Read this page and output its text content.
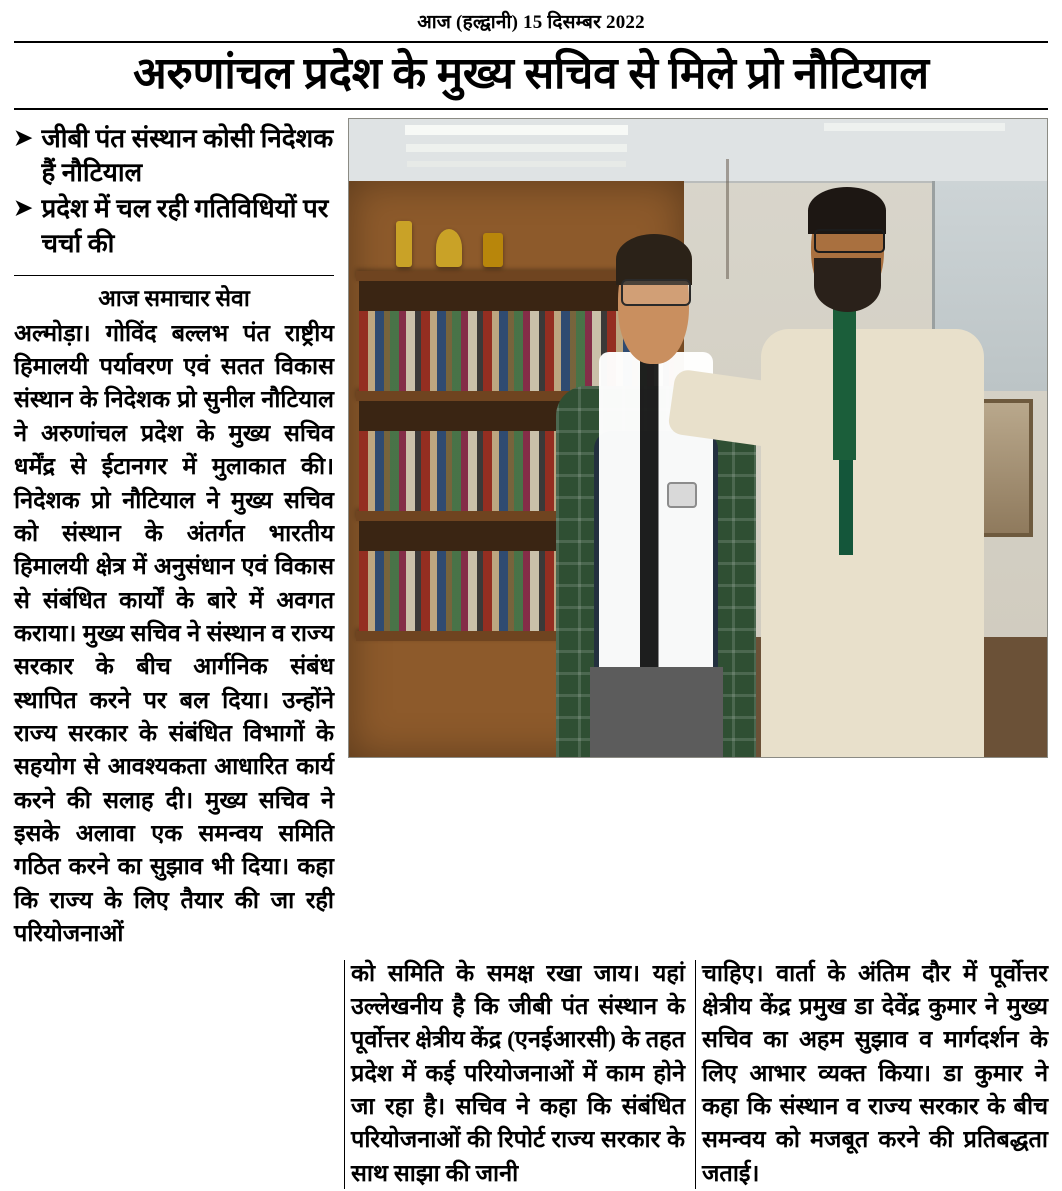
आज (हल्द्वानी) 15 दिसम्बर 2022
अरुणांचल प्रदेश के मुख्य सचिव से मिले प्रो नौटियाल
➤ जीबी पंत संस्थान कोसी निदेशक हैं नौटियाल
➤ प्रदेश में चल रही गतिविधियों पर चर्चा की
आज समाचार सेवा

अल्मोड़ा। गोविंद बल्लभ पंत राष्ट्रीय हिमालयी पर्यावरण एवं सतत विकास संस्थान के निदेशक प्रो सुनील नौटियाल ने अरुणांचल प्रदेश के मुख्य सचिव धर्मेंद्र से ईटानगर में मुलाकात की। निदेशक प्रो नौटियाल ने मुख्य सचिव को संस्थान के अंतर्गत भारतीय हिमालयी क्षेत्र में अनुसंधान एवं विकास से संबंधित कार्यों के बारे में अवगत कराया। मुख्य सचिव ने संस्थान व राज्य सरकार के बीच आर्गनिक संबंध स्थापित करने पर बल दिया। उन्होंने राज्य सरकार के संबंधित विभागों के सहयोग से आवश्यकता आधारित कार्य करने की सलाह दी। मुख्य सचिव ने इसके अलावा एक समन्वय समिति गठित करने का सुझाव भी दिया। कहा कि राज्य के लिए तैयार की जा रही परियोजनाओं

को समिति के समक्ष रखा जाय। यहां उल्लेखनीय है कि जीबी पंत संस्थान के पूर्वोत्तर क्षेत्रीय केंद्र (एनईआरसी) के तहत प्रदेश में कई परियोजनाओं में काम होने जा रहा है। सचिव ने कहा कि संबंधित परियोजनाओं की रिपोर्ट राज्य सरकार के साथ साझा की जानी
चाहिए। वार्ता के अंतिम दौर में पूर्वोत्तर क्षेत्रीय केंद्र प्रमुख डा देवेंद्र कुमार ने मुख्य सचिव का अहम सुझाव व मार्गदर्शन के लिए आभार व्यक्त किया। डा कुमार ने कहा कि संस्थान व राज्य सरकार के बीच समन्वय को मजबूत करने की प्रतिबद्धता जताई।
